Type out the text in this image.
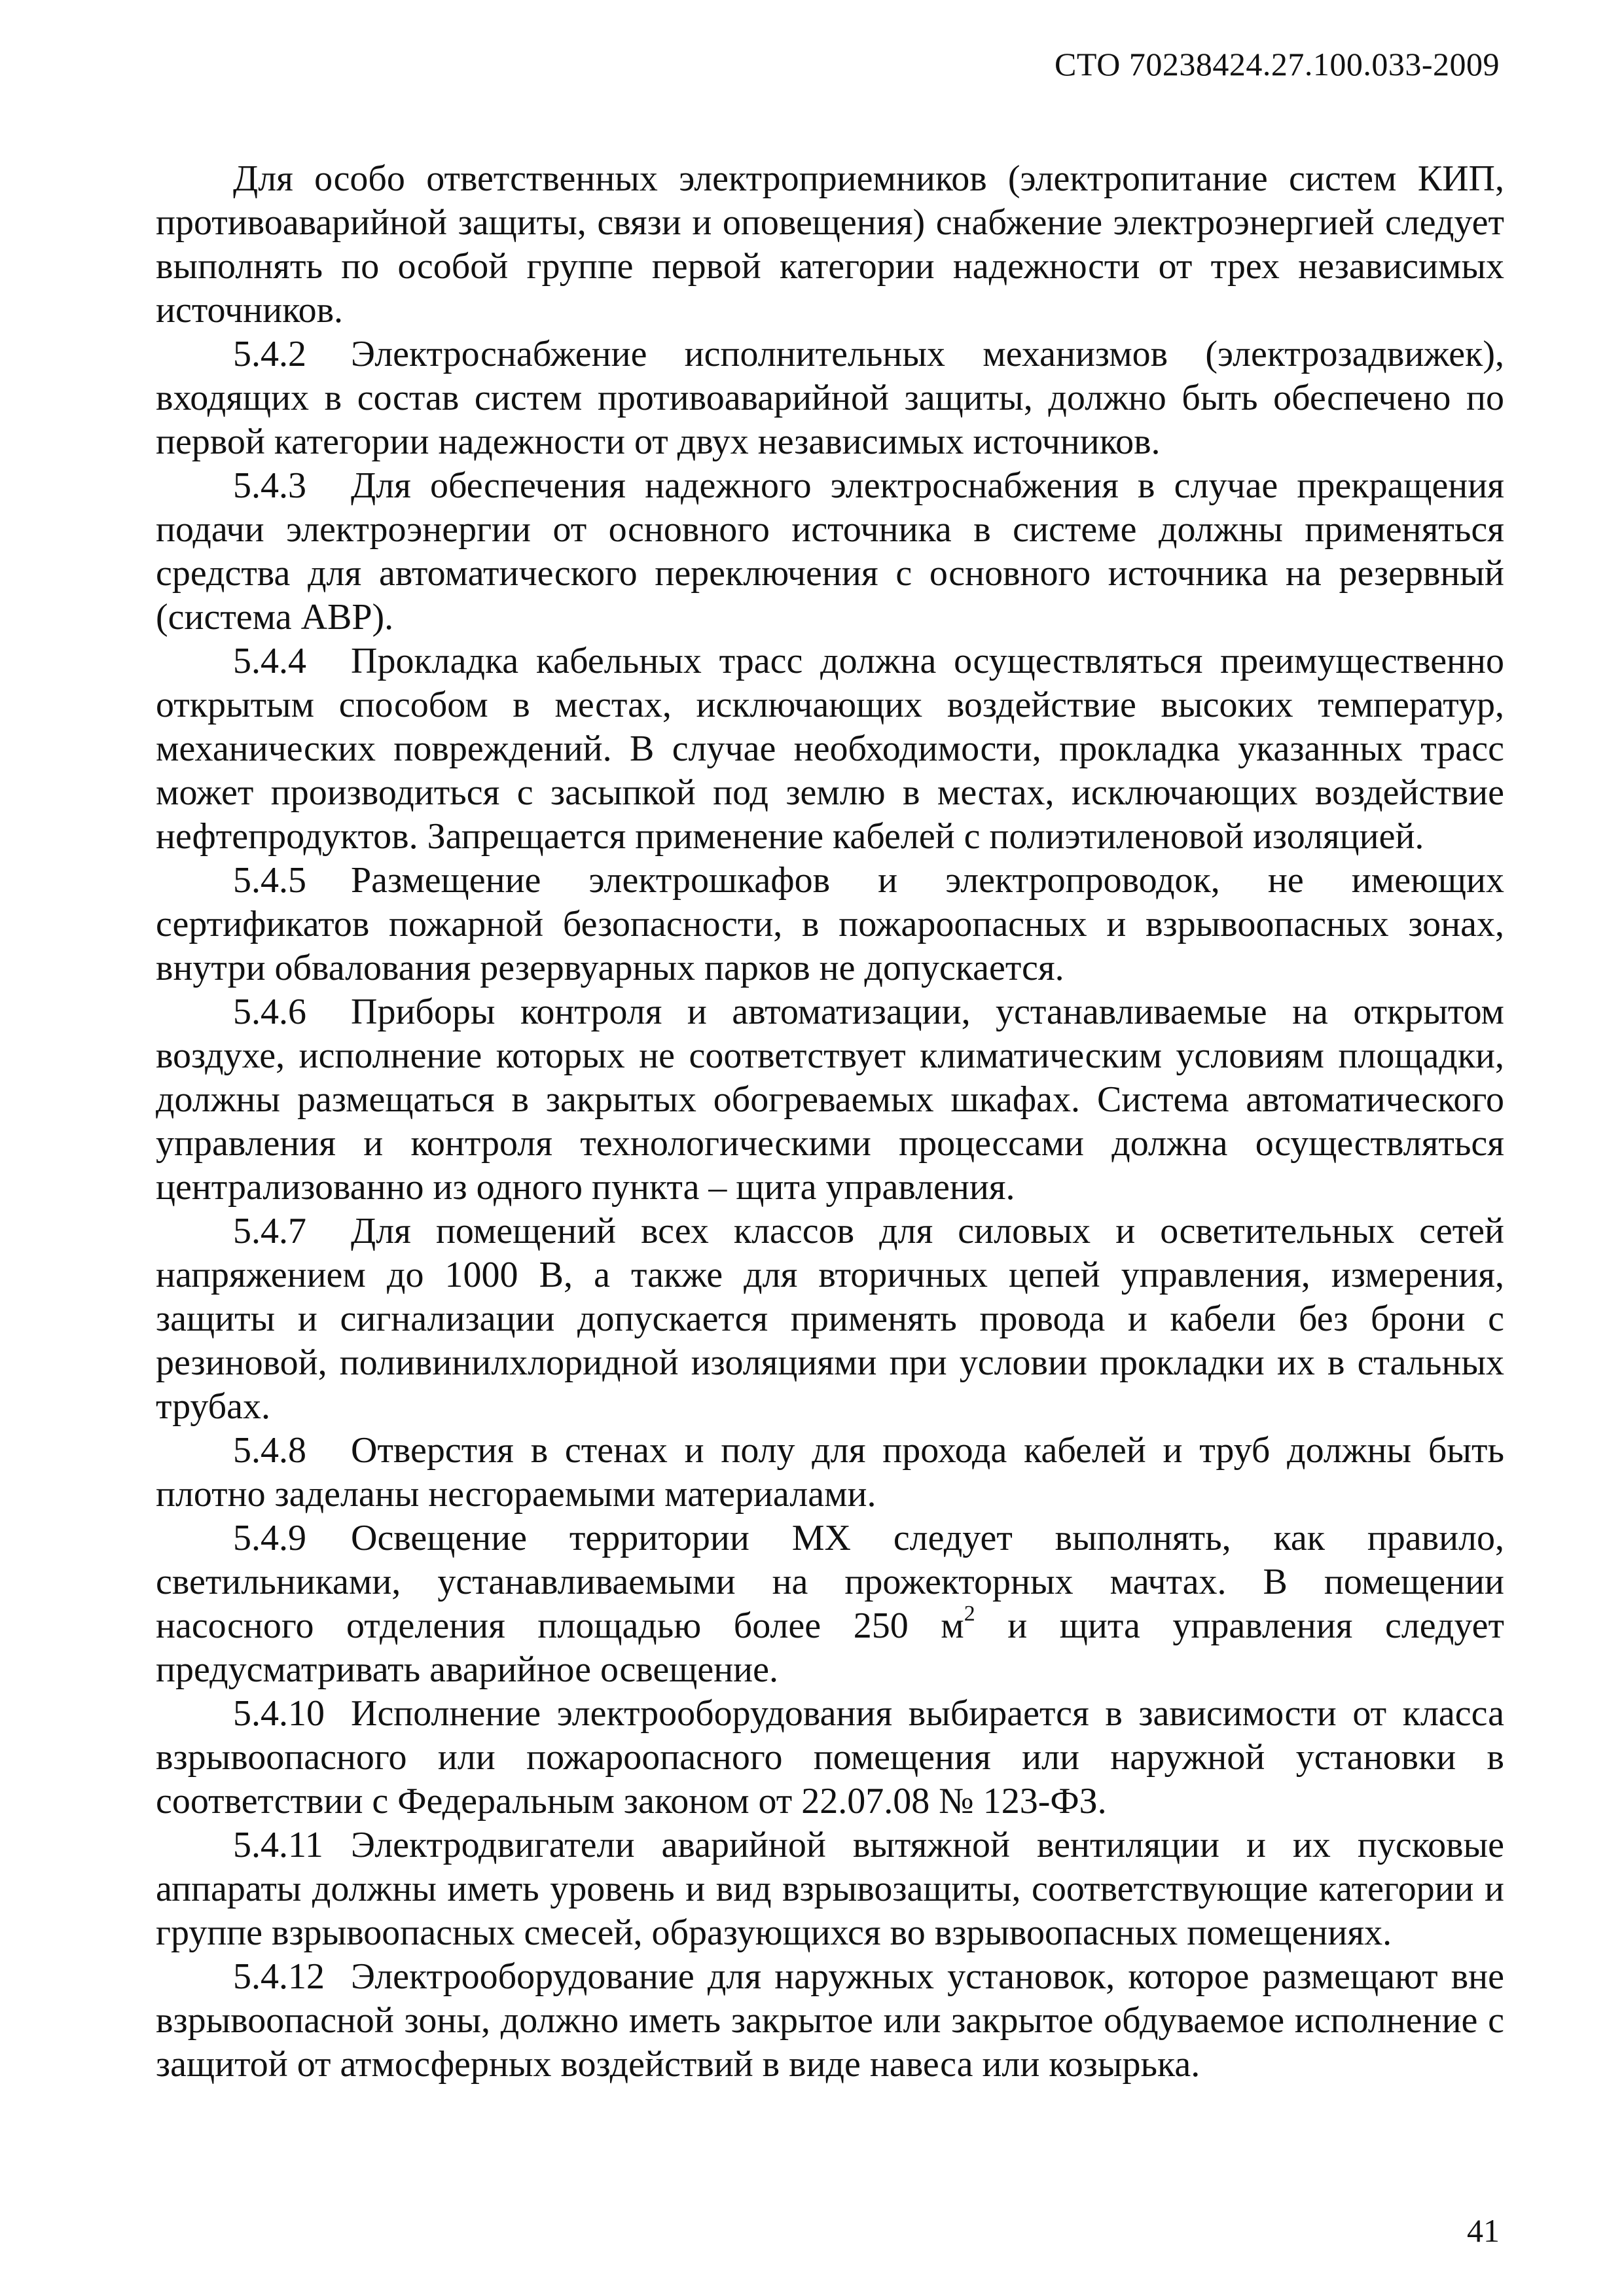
СТО 70238424.27.100.033-2009

Для особо ответственных электроприемников (электропитание систем КИП, противоаварийной защиты, связи и оповещения) снабжение электроэнергией следует выполнять по особой группе первой категории надежности от трех независимых источников.

5.4.2 Электроснабжение исполнительных механизмов (электрозадвижек), входящих в состав систем противоаварийной защиты, должно быть обеспечено по первой категории надежности от двух независимых источников.

5.4.3 Для обеспечения надежного электроснабжения в случае прекращения подачи электроэнергии от основного источника в системе должны применяться средства для автоматического переключения с основного источника на резервный (система АВР).

5.4.4 Прокладка кабельных трасс должна осуществляться преимущественно открытым способом в местах, исключающих воздействие высоких температур, механических повреждений. В случае необходимости, прокладка указанных трасс может производиться с засыпкой под землю в местах, исключающих воздействие нефтепродуктов. Запрещается применение кабелей с полиэтиленовой изоляцией.

5.4.5 Размещение электрошкафов и электропроводок, не имеющих сертификатов пожарной безопасности, в пожароопасных и взрывоопасных зонах, внутри обвалования резервуарных парков не допускается.

5.4.6 Приборы контроля и автоматизации, устанавливаемые на открытом воздухе, исполнение которых не соответствует климатическим условиям площадки, должны размещаться в закрытых обогреваемых шкафах. Система автоматического управления и контроля технологическими процессами должна осуществляться централизованно из одного пункта – щита управления.

5.4.7 Для помещений всех классов для силовых и осветительных сетей напряжением до 1000 В, а также для вторичных цепей управления, измерения, защиты и сигнализации допускается применять провода и кабели без брони с резиновой, поливинилхлоридной изоляциями при условии прокладки их в стальных трубах.

5.4.8 Отверстия в стенах и полу для прохода кабелей и труб должны быть плотно заделаны несгораемыми материалами.

5.4.9 Освещение территории МХ следует выполнять, как правило, светильниками, устанавливаемыми на прожекторных мачтах. В помещении насосного отделения площадью более 250 $м^2$ и щита управления следует предусматривать аварийное освещение.

5.4.10 Исполнение электрооборудования выбирается в зависимости от класса взрывоопасного или пожароопасного помещения или наружной установки в соответствии с Федеральным законом от 22.07.08 № 123-ФЗ.

5.4.11 Электродвигатели аварийной вытяжной вентиляции и их пусковые аппараты должны иметь уровень и вид взрывозащиты, соответствующие категории и группе взрывоопасных смесей, образующихся во взрывоопасных помещениях.

5.4.12 Электрооборудование для наружных установок, которое размещают вне взрывоопасной зоны, должно иметь закрытое или закрытое обдуваемое исполнение с защитой от атмосферных воздействий в виде навеса или козырька.

41
